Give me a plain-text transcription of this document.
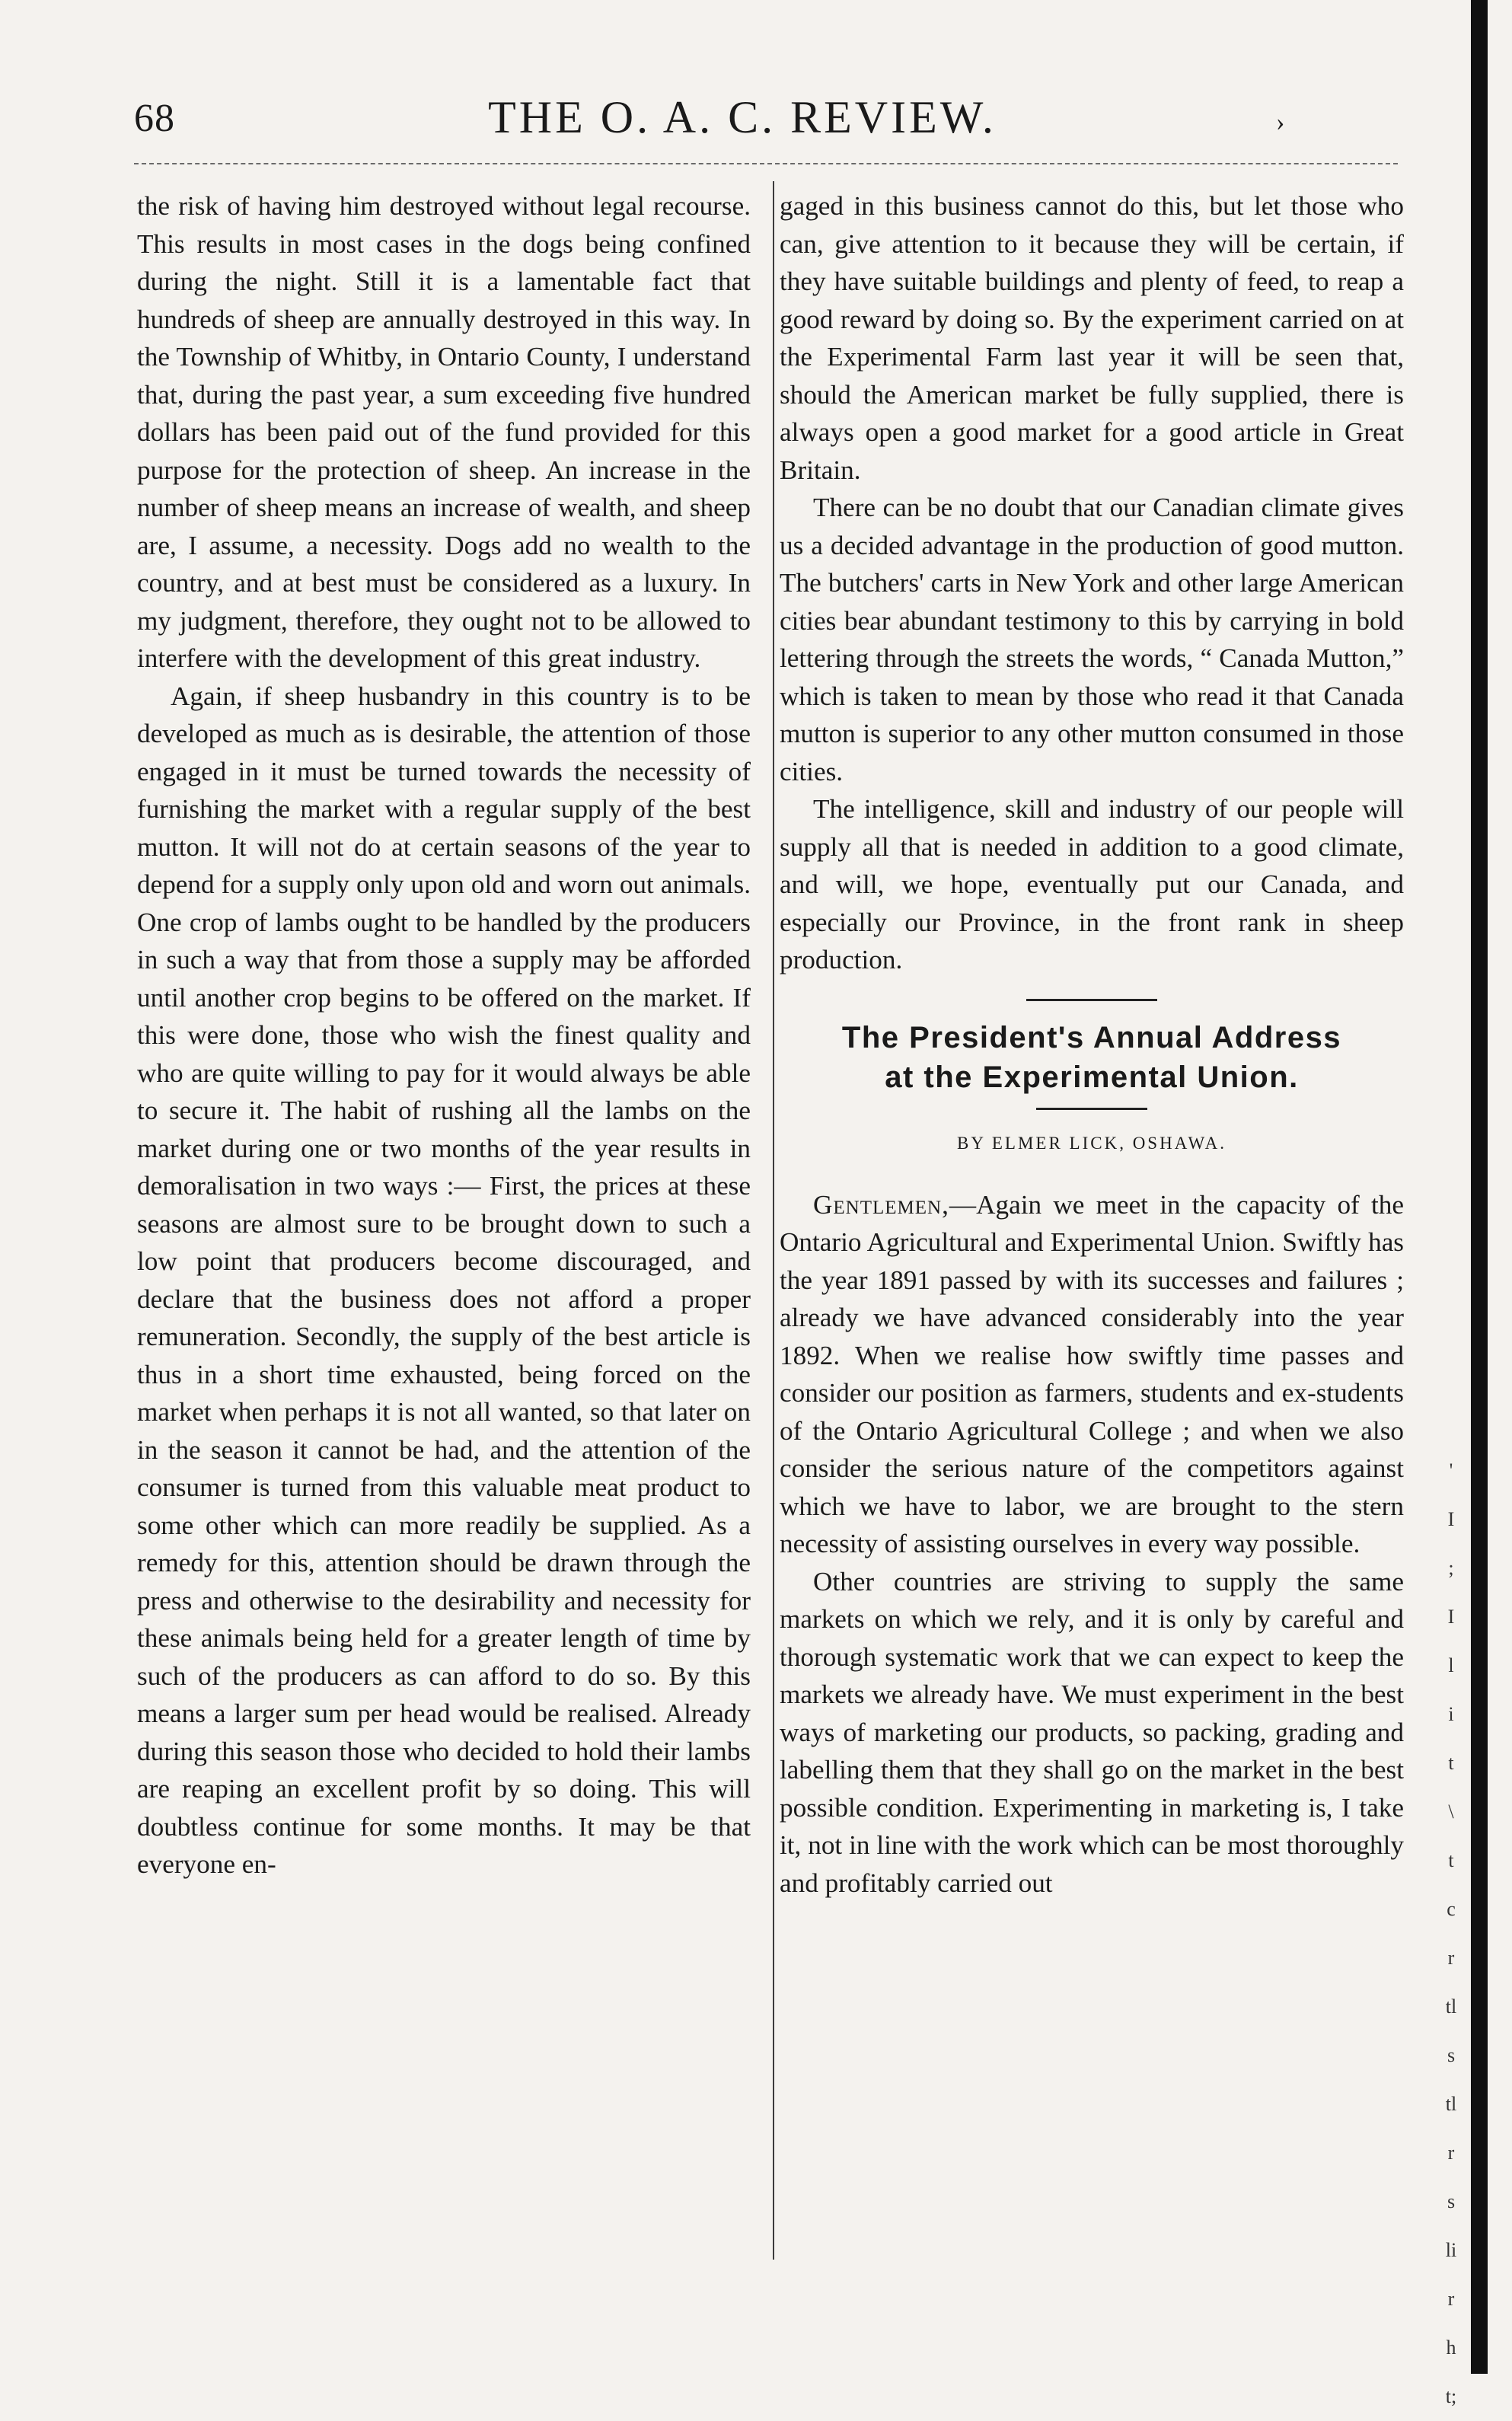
68	THE O. A. C. REVIEW.	›

the risk of having him destroyed without legal recourse. This results in most cases in the dogs being confined during the night. Still it is a lamentable fact that hundreds of sheep are annually destroyed in this way. In the Township of Whitby, in Ontario County, I understand that, during the past year, a sum exceeding five hundred dollars has been paid out of the fund provided for this purpose for the protection of sheep. An increase in the number of sheep means an increase of wealth, and sheep are, I assume, a necessity. Dogs add no wealth to the country, and at best must be considered as a luxury. In my judgment, therefore, they ought not to be allowed to interfere with the development of this great industry.

Again, if sheep husbandry in this country is to be developed as much as is desirable, the attention of those engaged in it must be turned towards the necessity of furnishing the market with a regular supply of the best mutton. It will not do at certain seasons of the year to depend for a supply only upon old and worn out animals. One crop of lambs ought to be handled by the producers in such a way that from those a supply may be afforded until another crop begins to be offered on the market. If this were done, those who wish the finest quality and who are quite willing to pay for it would always be able to secure it. The habit of rushing all the lambs on the market during one or two months of the year results in demoralisation in two ways :— First, the prices at these seasons are almost sure to be brought down to such a low point that producers become discouraged, and declare that the business does not afford a proper remuneration. Secondly, the supply of the best article is thus in a short time exhausted, being forced on the market when perhaps it is not all wanted, so that later on in the season it cannot be had, and the attention of the consumer is turned from this valuable meat product to some other which can more readily be supplied. As a remedy for this, attention should be drawn through the press and otherwise to the desirability and necessity for these animals being held for a greater length of time by such of the producers as can afford to do so. By this means a larger sum per head would be realised. Already during this season those who decided to hold their lambs are reaping an excellent profit by so doing. This will doubtless continue for some months. It may be that everyone en-

gaged in this business cannot do this, but let those who can, give attention to it because they will be certain, if they have suitable buildings and plenty of feed, to reap a good reward by doing so. By the experiment carried on at the Experimental Farm last year it will be seen that, should the American market be fully supplied, there is always open a good market for a good article in Great Britain.

There can be no doubt that our Canadian climate gives us a decided advantage in the production of good mutton. The butchers' carts in New York and other large American cities bear abundant testimony to this by carrying in bold lettering through the streets the words, “ Canada Mutton,” which is taken to mean by those who read it that Canada mutton is superior to any other mutton consumed in those cities.

The intelligence, skill and industry of our people will supply all that is needed in addition to a good climate, and will, we hope, eventually put our Canada, and especially our Province, in the front rank in sheep production.

The President's Annual Address
at the Experimental Union.
BY ELMER LICK, OSHAWA.

Gentlemen,—Again we meet in the capacity of the Ontario Agricultural and Experimental Union. Swiftly has the year 1891 passed by with its successes and failures ; already we have advanced considerably into the year 1892. When we realise how swiftly time passes and consider our position as farmers, students and ex-students of the Ontario Agricultural College ; and when we also consider the serious nature of the competitors against which we have to labor, we are brought to the stern necessity of assisting ourselves in every way possible.

Other countries are striving to supply the same markets on which we rely, and it is only by careful and thorough systematic work that we can expect to keep the markets we already have. We must experiment in the best ways of marketing our products, so packing, grading and labelling them that they shall go on the market in the best possible condition. Experimenting in marketing is, I take it, not in line with the work which can be most thoroughly and profitably carried out

'
I
;
I
l
i
t
\
t
c
r
tl
s
tl
r
s
li
r
h
t;
